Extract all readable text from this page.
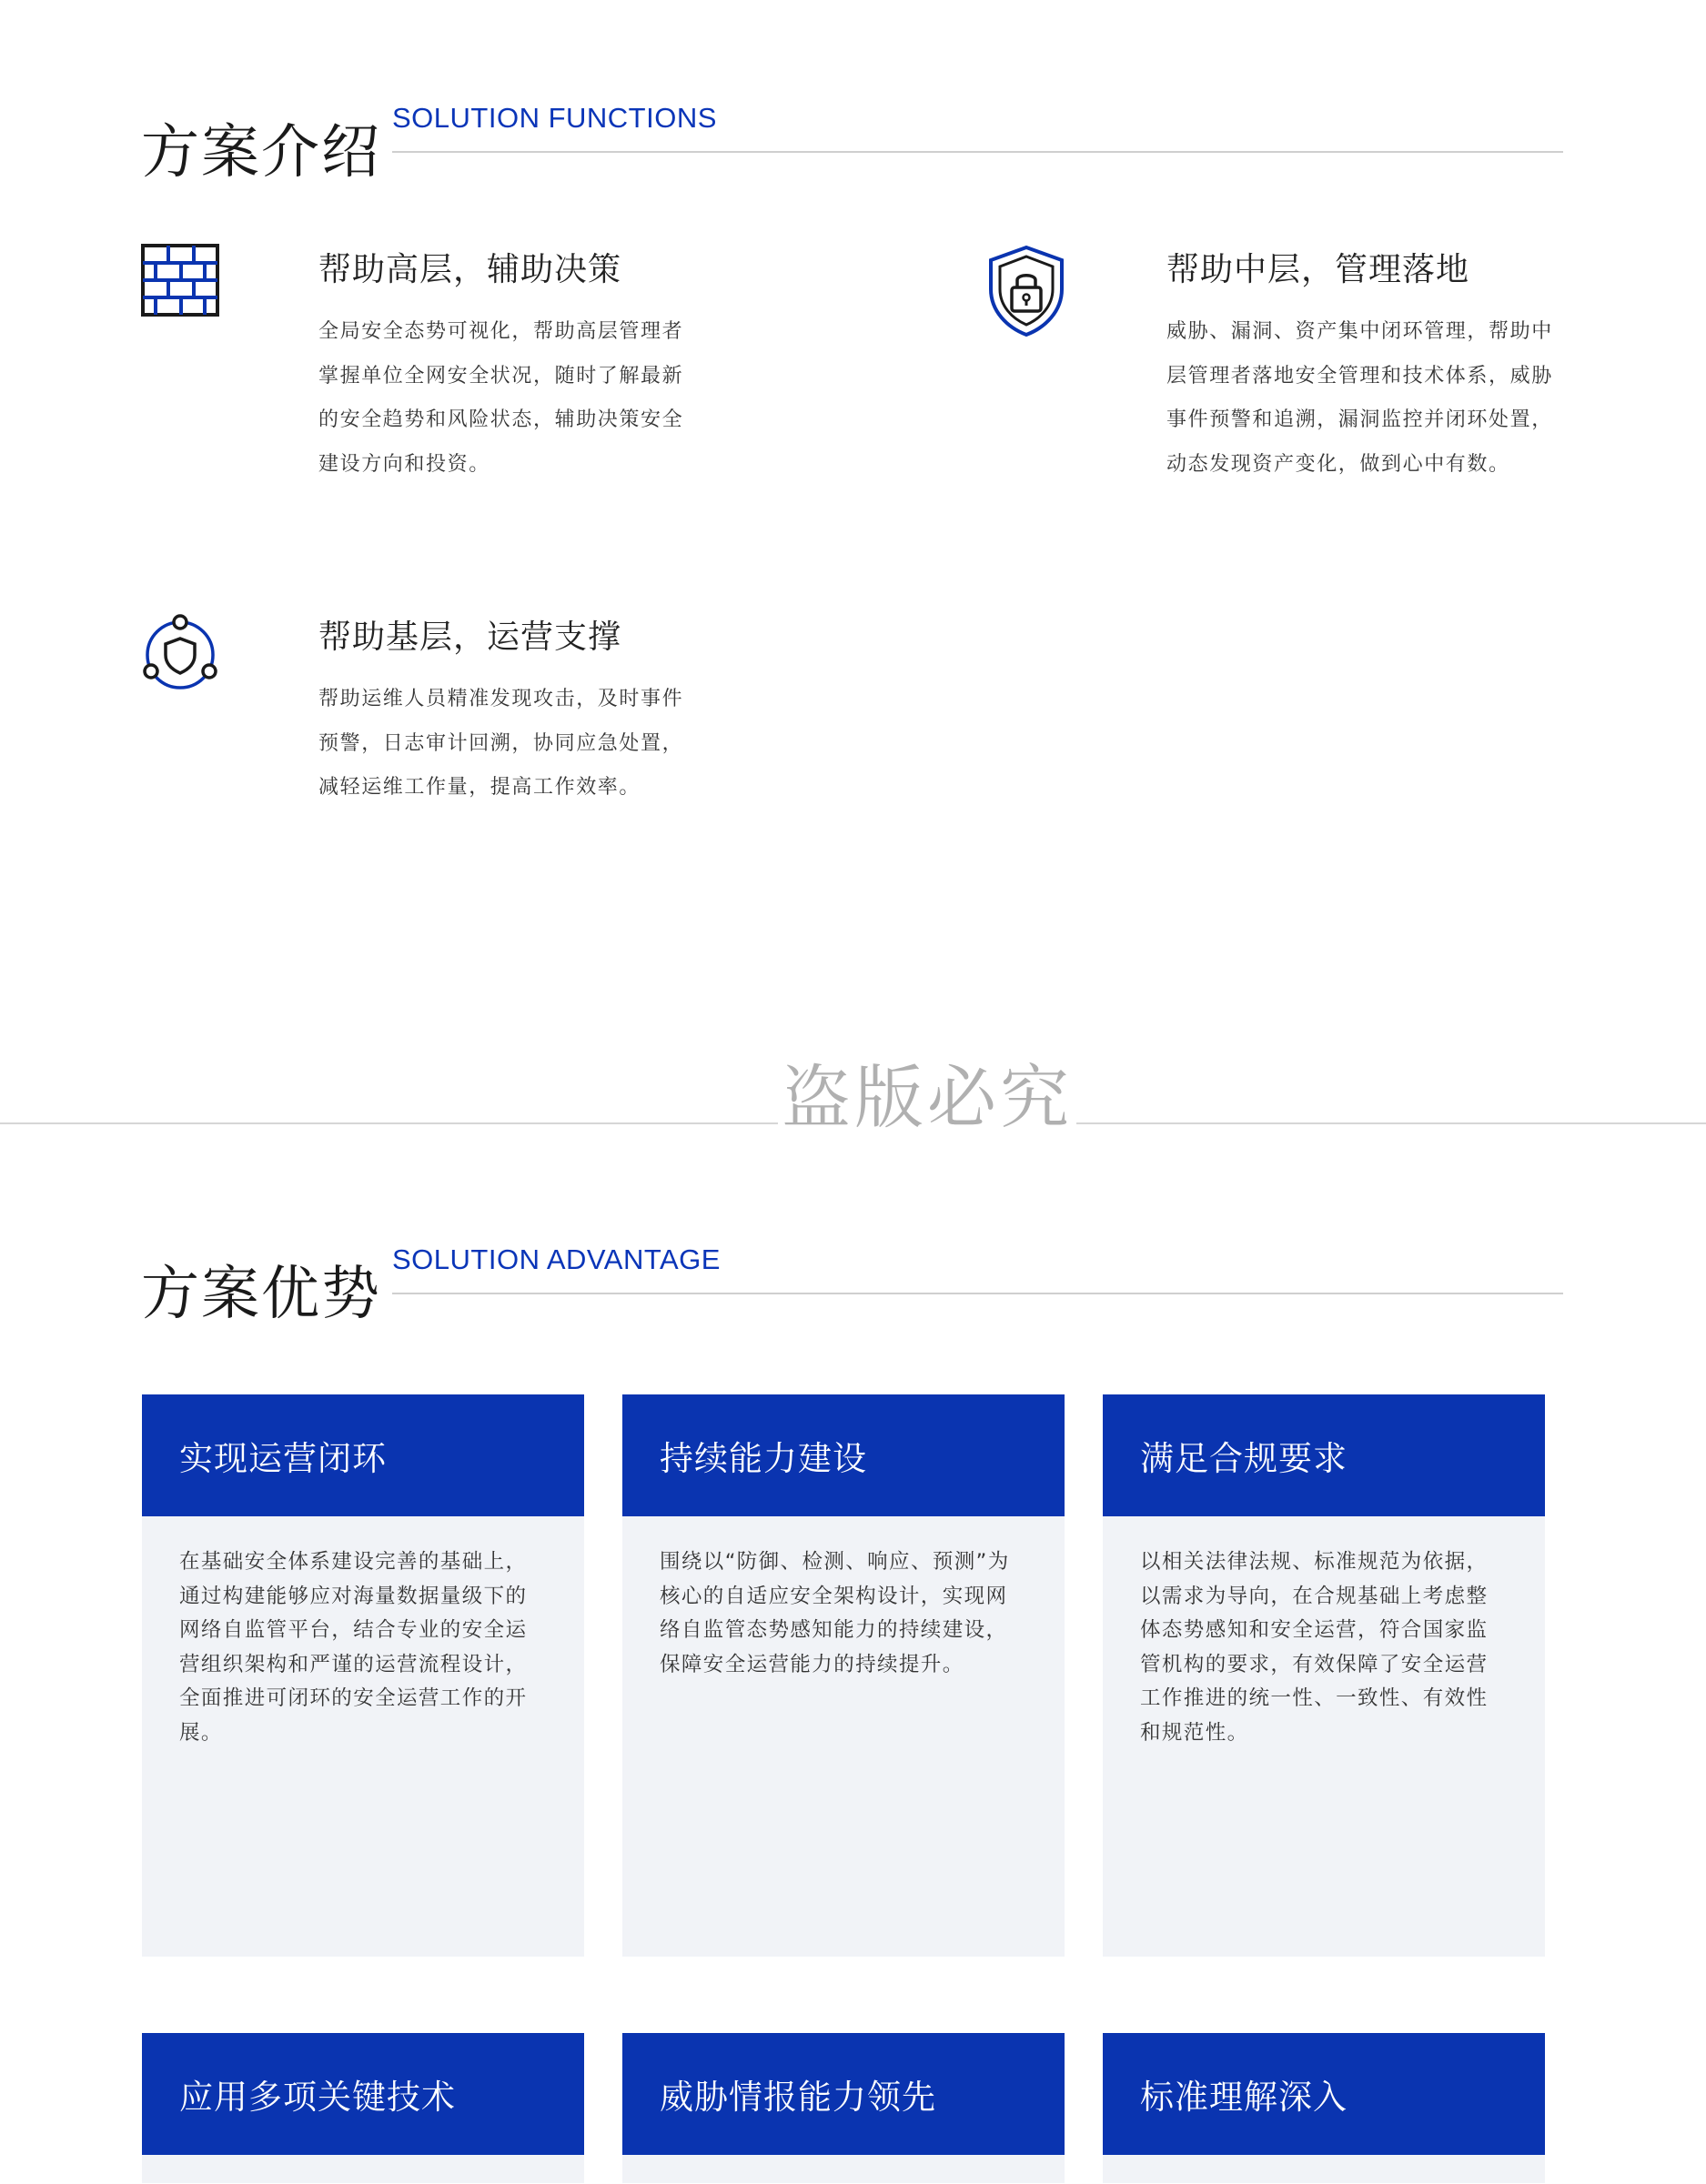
方案介绍
SOLUTION FUNCTIONS
帮助高层，辅助决策
全局安全态势可视化，帮助高层管理者掌握单位全网安全状况，随时了解最新的安全趋势和风险状态，辅助决策安全建设方向和投资。
帮助中层，管理落地
威胁、漏洞、资产集中闭环管理，帮助中层管理者落地安全管理和技术体系，威胁事件预警和追溯，漏洞监控并闭环处置，动态发现资产变化，做到心中有数。
帮助基层，运营支撑
帮助运维人员精准发现攻击，及时事件预警，日志审计回溯，协同应急处置，减轻运维工作量，提高工作效率。
盗版必究
方案优势
SOLUTION ADVANTAGE
实现运营闭环
在基础安全体系建设完善的基础上，通过构建能够应对海量数据量级下的网络自监管平台，结合专业的安全运营组织架构和严谨的运营流程设计，全面推进可闭环的安全运营工作的开展。
持续能力建设
围绕以“防御、检测、响应、预测”为核心的自适应安全架构设计，实现网络自监管态势感知能力的持续建设，保障安全运营能力的持续提升。
满足合规要求
以相关法律法规、标准规范为依据，以需求为导向，在合规基础上考虑整体态势感知和安全运营，符合国家监管机构的要求，有效保障了安全运营工作推进的统一性、一致性、有效性和规范性。
应用多项关键技术	威胁情报能力领先	标准理解深入
